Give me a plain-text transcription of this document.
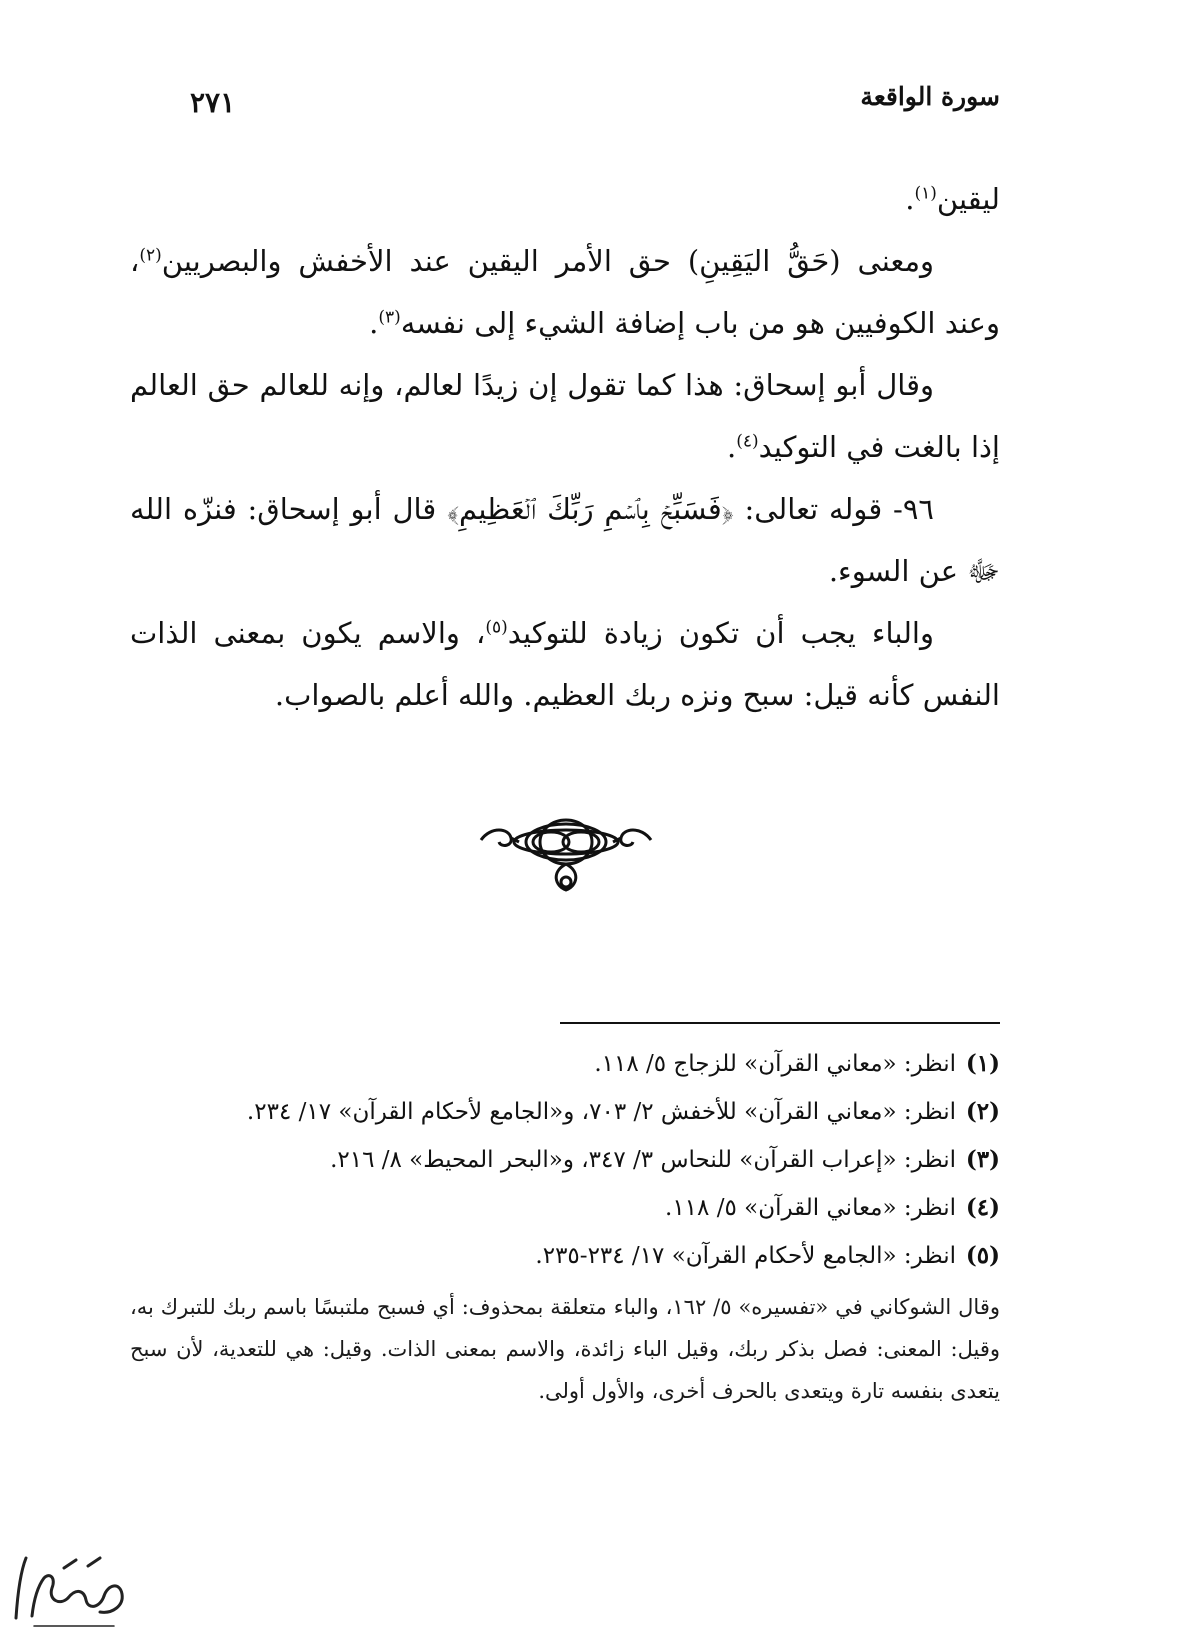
سورة الواقعة
٢٧١

ليقين$^{(١)}$.

ومعنى (حَقُّ اليَقِينِ) حق الأمر اليقين عند الأخفش والبصريين$^{(٢)}$، وعند الكوفيين هو من باب إضافة الشيء إلى نفسه$^{(٣)}$.

وقال أبو إسحاق: هذا كما تقول إن زيدًا لعالم، وإنه للعالم حق العالم إذا بالغت في التوكيد$^{(٤)}$.

٩٦- قوله تعالى: ﴿فَسَبِّحۡ بِٱسۡمِ رَبِّكَ ٱلۡعَظِيمِ﴾ قال أبو إسحاق: فنزّه الله ﷻ عن السوء.

والباء يجب أن تكون زيادة للتوكيد$^{(٥)}$، والاسم يكون بمعنى الذات النفس كأنه قيل: سبح ونزه ربك العظيم. والله أعلم بالصواب.

(١)
انظر: «معاني القرآن» للزجاج ٥/ ١١٨.
(٢)
انظر: «معاني القرآن» للأخفش ٢/ ٧٠٣، و«الجامع لأحكام القرآن» ١٧/ ٢٣٤.
(٣)
انظر: «إعراب القرآن» للنحاس ٣/ ٣٤٧، و«البحر المحيط» ٨/ ٢١٦.
(٤)
انظر: «معاني القرآن» ٥/ ١١٨.
(٥)
انظر: «الجامع لأحكام القرآن» ١٧/ ٢٣٤-٢٣٥.
وقال الشوكاني في «تفسيره» ٥/ ١٦٢، والباء متعلقة بمحذوف: أي فسبح ملتبسًا باسم ربك للتبرك به، وقيل: المعنى: فصل بذكر ربك، وقيل الباء زائدة، والاسم بمعنى الذات. وقيل: هي للتعدية، لأن سبح يتعدى بنفسه تارة ويتعدى بالحرف أخرى، والأول أولى.
